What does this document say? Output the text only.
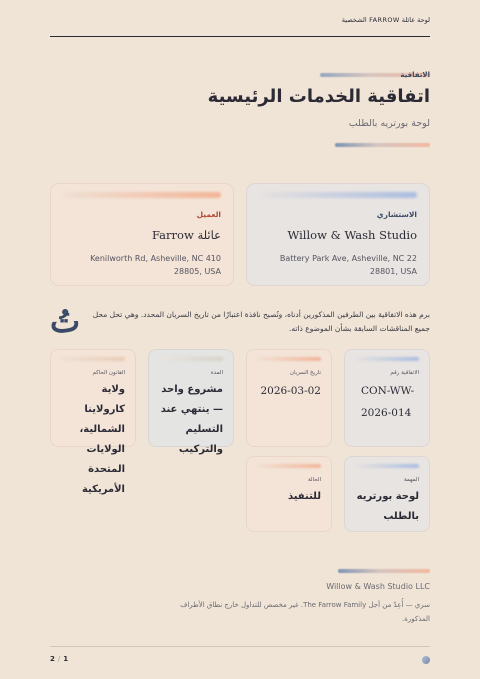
لوحة عائلة FARROW الشخصية
الاتفاقية
اتفاقية الخدمات الرئيسية
لوحة بورتريه بالطلب
الاستشاري
Willow & Wash Studio
Battery Park Ave, Asheville, NC 22
28801, USA
العميل
عائلة Farrow
Kenilworth Rd, Asheville, NC 410
28805, USA
تُ	برم هذه الاتفاقية بين الطرفين المذكورين أدناه، وتُصبح نافذة اعتبارًا من تاريخ السريان المحدد. وهي تحل محل جميع المناقشات السابقة بشأن الموضوع ذاته.
الاتفاقية رقم
CON-WW-2026-014
تاريخ السريان
2026-03-02
المدة
مشروع واحد — ينتهي عند التسليم والتركيب
القانون الحاكم
ولاية كارولاينا الشمالية، الولايات المتحدة الأمريكية
المهمة
لوحة بورتريه بالطلب
الحالة
للتنفيذ
Willow & Wash Studio LLC
سري — أُعِدّ من أجل The Farrow Family. غير مخصص للتداول خارج نطاق الأطراف المذكورة.
2 / 1
